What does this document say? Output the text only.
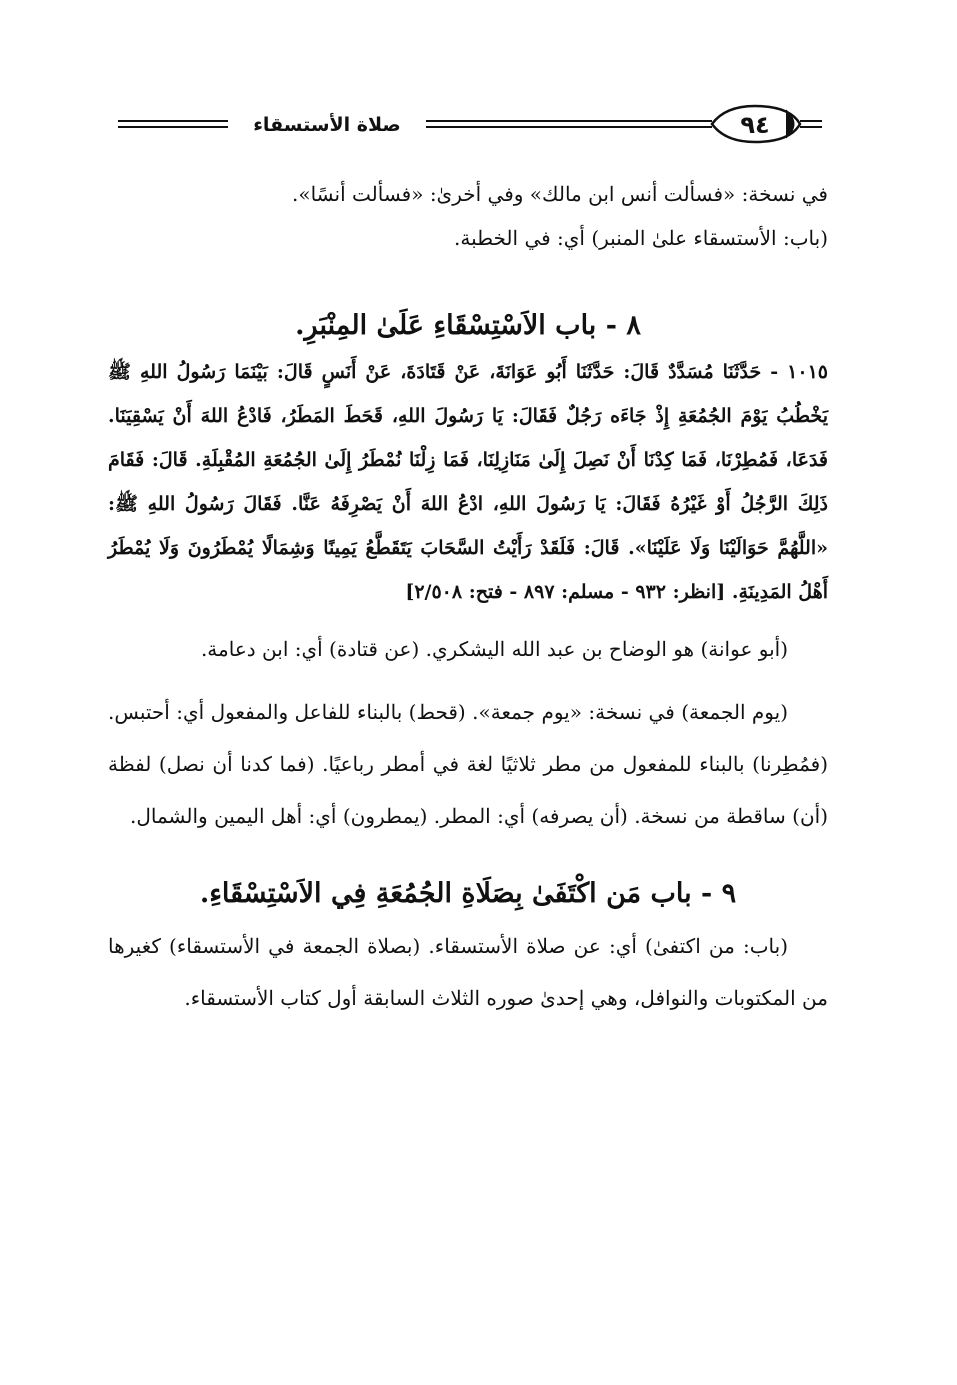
٩٤
صلاة الأستسقاء

في نسخة: «فسألت أنس ابن مالك» وفي أخرىٰ: «فسألت أنسًا».

(باب: الأستسقاء علىٰ المنبر) أي: في الخطبة.

٨ - باب الاَسْتِسْقَاءِ عَلَىٰ المِنْبَرِ.

١٠١٥ - حَدَّثَنَا مُسَدَّدٌ قَالَ: حَدَّثَنَا أَبُو عَوَانَةَ، عَنْ قَتَادَةَ، عَنْ أَنَسٍ قَالَ: بَيْنَمَا رَسُولُ اللهِ ﷺ يَخْطُبُ يَوْمَ الجُمُعَةِ إِذْ جَاءَه رَجُلٌ فَقَالَ: يَا رَسُولَ اللهِ، قَحَطَ المَطَرُ، فَادْعُ اللهَ أَنْ يَسْقِيَنَا. فَدَعَا، فَمُطِرْنَا، فَمَا كِدْنَا أَنْ نَصِلَ إِلَىٰ مَنَازِلِنَا، فَمَا زِلْنَا نُمْطَرُ إِلَىٰ الجُمُعَةِ المُقْبِلَةِ. قَالَ: فَقَامَ ذَلِكَ الرَّجُلُ أَوْ غَيْرُهُ فَقَالَ: يَا رَسُولَ اللهِ، ادْعُ اللهَ أَنْ يَصْرِفَهُ عَنَّا. فَقَالَ رَسُولُ اللهِ ﷺ: «اللَّهُمَّ حَوَالَيْنَا وَلَا عَلَيْنَا». قَالَ: فَلَقَدْ رَأَيْتُ السَّحَابَ يَتَقَطَّعُ يَمِينًا وَشِمَالًا يُمْطَرُونَ وَلَا يُمْطَرُ أَهْلُ المَدِينَةِ. [انظر: ٩٣٢ - مسلم: ٨٩٧ - فتح: ٢/٥٠٨]

(أبو عوانة) هو الوضاح بن عبد الله اليشكري. (عن قتادة) أي: ابن دعامة.

(يوم الجمعة) في نسخة: «يوم جمعة». (قحط) بالبناء للفاعل والمفعول أي: أحتبس. (فمُطِرنا) بالبناء للمفعول من مطر ثلاثيًا لغة في أمطر رباعيًا. (فما كدنا أن نصل) لفظة (أن) ساقطة من نسخة. (أن يصرفه) أي: المطر. (يمطرون) أي: أهل اليمين والشمال.

٩ - باب مَن اكْتَفَىٰ بِصَلَاةِ الجُمُعَةِ فِي الاَسْتِسْقَاءِ.

(باب: من اكتفىٰ) أي: عن صلاة الأستسقاء. (بصلاة الجمعة في الأستسقاء) كغيرها من المكتوبات والنوافل، وهي إحدىٰ صوره الثلاث السابقة أول كتاب الأستسقاء.
